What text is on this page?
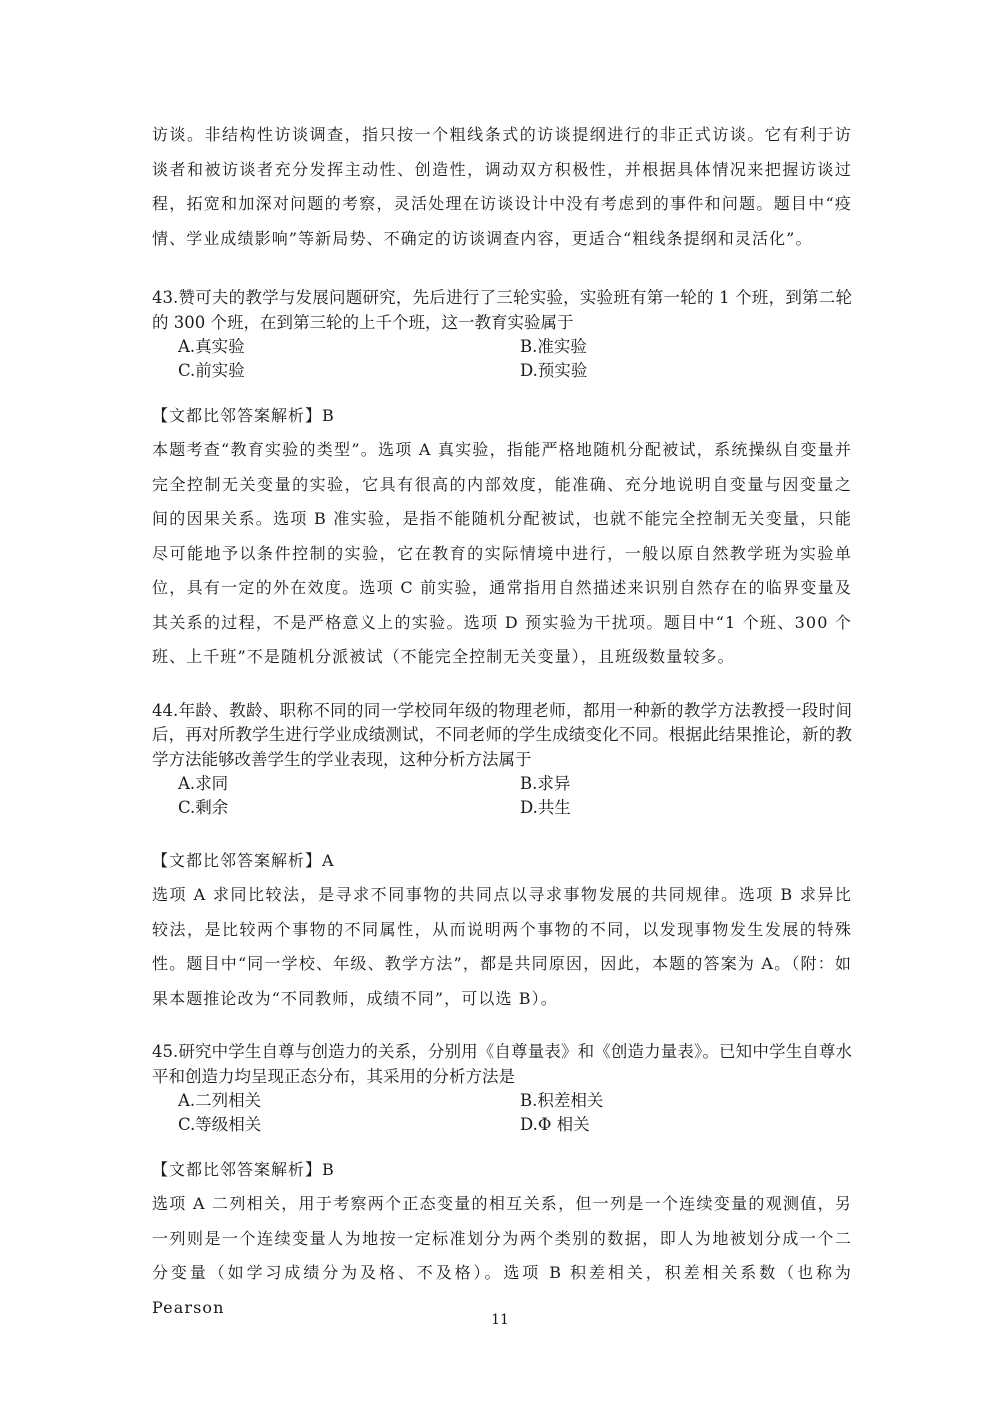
访谈。非结构性访谈调查，指只按一个粗线条式的访谈提纲进行的非正式访谈。它有利于访谈者和被访谈者充分发挥主动性、创造性，调动双方积极性，并根据具体情况来把握访谈过程，拓宽和加深对问题的考察，灵活处理在访谈设计中没有考虑到的事件和问题。题目中“疫情、学业成绩影响”等新局势、不确定的访谈调查内容，更适合“粗线条提纲和灵活化”。

43.赞可夫的教学与发展问题研究，先后进行了三轮实验，实验班有第一轮的 1 个班，到第二轮的 300 个班，在到第三轮的上千个班，这一教育实验属于

A.真实验	B.准实验
C.前实验	D.预实验

【文都比邻答案解析】B

本题考查“教育实验的类型”。选项 A 真实验，指能严格地随机分配被试，系统操纵自变量并完全控制无关变量的实验，它具有很高的内部效度，能准确、充分地说明自变量与因变量之间的因果关系。选项 B 准实验，是指不能随机分配被试，也就不能完全控制无关变量，只能尽可能地予以条件控制的实验，它在教育的实际情境中进行，一般以原自然教学班为实验单位，具有一定的外在效度。选项 C 前实验，通常指用自然描述来识别自然存在的临界变量及其关系的过程，不是严格意义上的实验。选项 D 预实验为干扰项。题目中“1 个班、300 个班、上千班”不是随机分派被试（不能完全控制无关变量），且班级数量较多。

44.年龄、教龄、职称不同的同一学校同年级的物理老师，都用一种新的教学方法教授一段时间后，再对所教学生进行学业成绩测试，不同老师的学生成绩变化不同。根据此结果推论，新的教学方法能够改善学生的学业表现，这种分析方法属于

A.求同	B.求异
C.剩余	D.共生

【文都比邻答案解析】A

选项 A 求同比较法，是寻求不同事物的共同点以寻求事物发展的共同规律。选项 B 求异比较法，是比较两个事物的不同属性，从而说明两个事物的不同，以发现事物发生发展的特殊性。题目中“同一学校、年级、教学方法”，都是共同原因，因此，本题的答案为 A。（附：如果本题推论改为“不同教师，成绩不同”，可以选 B）。

45.研究中学生自尊与创造力的关系，分别用《自尊量表》和《创造力量表》。已知中学生自尊水平和创造力均呈现正态分布，其采用的分析方法是

A.二列相关	B.积差相关
C.等级相关	D.Φ 相关

【文都比邻答案解析】B

选项 A 二列相关，用于考察两个正态变量的相互关系，但一列是一个连续变量的观测值，另一列则是一个连续变量人为地按一定标准划分为两个类别的数据，即人为地被划分成一个二分变量（如学习成绩分为及格、不及格）。选项 B 积差相关，积差相关系数（也称为 Pearson

11
